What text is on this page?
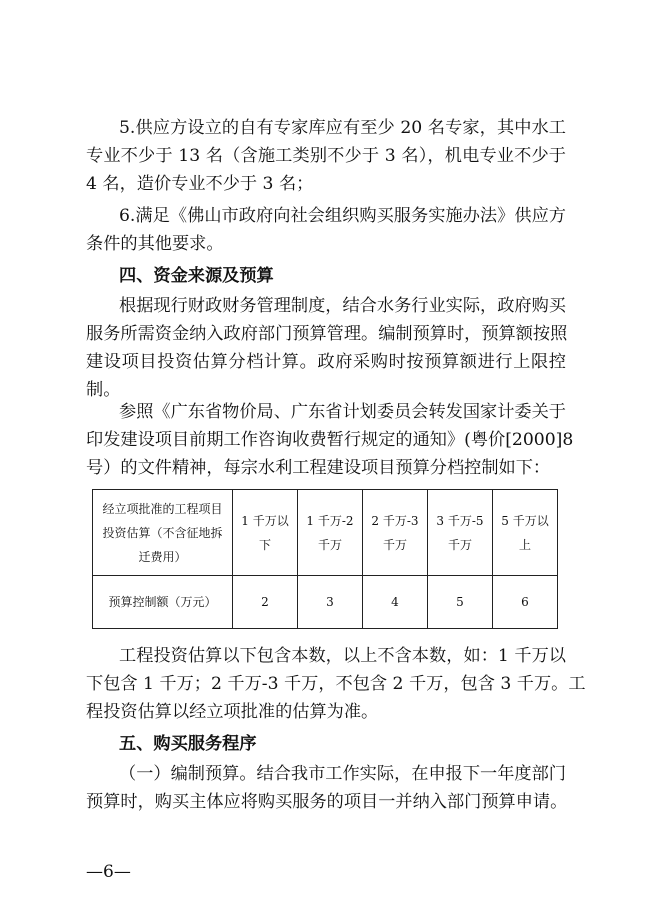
5.供应方设立的自有专家库应有至少 20 名专家，其中水工
专业不少于 13 名（含施工类别不少于 3 名），机电专业不少于
4 名，造价专业不少于 3 名；
6.满足《佛山市政府向社会组织购买服务实施办法》供应方
条件的其他要求。
四、资金来源及预算
根据现行财政财务管理制度，结合水务行业实际，政府购买
服务所需资金纳入政府部门预算管理。编制预算时，预算额按照
建设项目投资估算分档计算。政府采购时按预算额进行上限控
制。
参照《广东省物价局、广东省计划委员会转发国家计委关于
印发建设项目前期工作咨询收费暂行规定的通知》(粤价[2000]8
号）的文件精神，每宗水利工程建设项目预算分档控制如下：
经立项批准的工程项目投资估算（不含征地拆迁费用）	1 千万以下	1 千万-2 千万	2 千万-3 千万	3 千万-5 千万	5 千万以上
预算控制额（万元）	2	3	4	5	6
工程投资估算以下包含本数，以上不含本数，如：1 千万以
下包含 1 千万；2 千万-3 千万，不包含 2 千万，包含 3 千万。工
程投资估算以经立项批准的估算为准。
五、购买服务程序
（一）编制预算。结合我市工作实际，在申报下一年度部门
预算时，购买主体应将购买服务的项目一并纳入部门预算申请。
—6—
